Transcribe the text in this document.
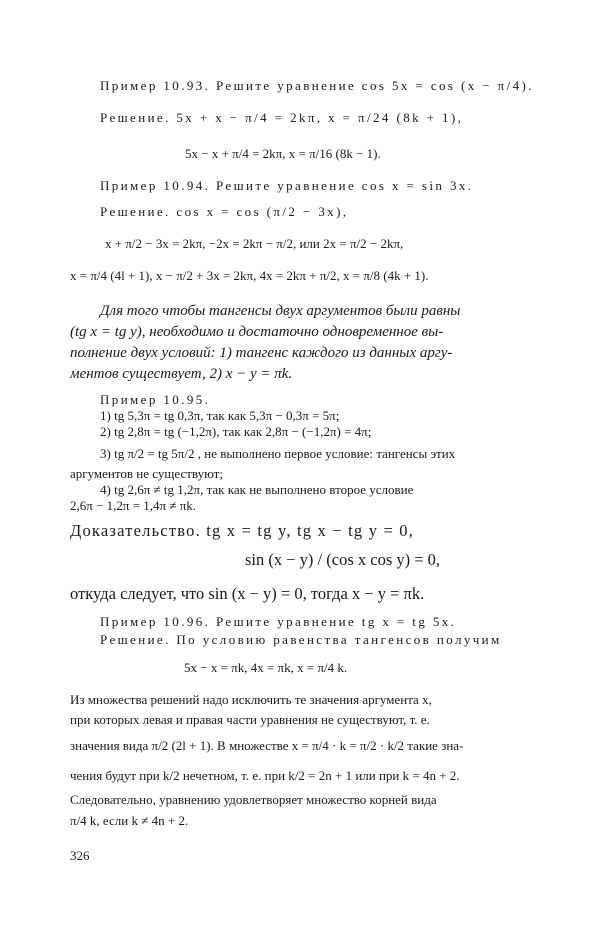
Пример 10.93. Решите уравнение cos 5x = cos (x − π/4).
Решение. 5x + x − π/4 = 2kπ, x = π/24 (8k + 1),
5x − x + π/4 = 2kπ, x = π/16 (8k − 1).
Пример 10.94. Решите уравнение cos x = sin 3x.
Решение. cos x = cos (π/2 − 3x),
x + π/2 − 3x = 2kπ, −2x = 2kπ − π/2, или 2x = π/2 − 2kπ,
x = π/4 (4l + 1), x − π/2 + 3x = 2kπ, 4x = 2kπ + π/2, x = π/8 (4k + 1).
Для того чтобы тангенсы двух аргументов были равны
(tg x = tg y), необходимо и достаточно одновременное вы-
полнение двух условий: 1) тангенс каждого из данных аргу-
ментов существует, 2) x − y = πk.
Пример 10.95.
1) tg 5,3π = tg 0,3π, так как 5,3π − 0,3π = 5π;
2) tg 2,8π = tg (−1,2π), так как 2,8π − (−1,2π) = 4π;
3) tg π/2 = tg 5π/2 , не выполнено первое условие: тангенсы этих
аргументов не существуют;
4) tg 2,6π ≠ tg 1,2π, так как не выполнено второе условие
2,6π − 1,2π = 1,4π ≠ πk.
Доказательство. tg x = tg y, tg x − tg y = 0,
sin (x − y) / (cos x cos y) = 0,
откуда следует, что sin (x − y) = 0, тогда x − y = πk.
Пример 10.96. Решите уравнение tg x = tg 5x.
Решение. По условию равенства тангенсов получим
5x − x = πk, 4x = πk, x = π/4 k.
Из множества решений надо исключить те значения аргумента x,
при которых левая и правая части уравнения не существуют, т. е.
значения вида π/2 (2l + 1). В множестве x = π/4 · k = π/2 · k/2 такие зна-
чения будут при k/2 нечетном, т. е. при k/2 = 2n + 1 или при k = 4n + 2.
Следовательно, уравнению удовлетворяет множество корней вида
π/4 k, если k ≠ 4n + 2.
326
